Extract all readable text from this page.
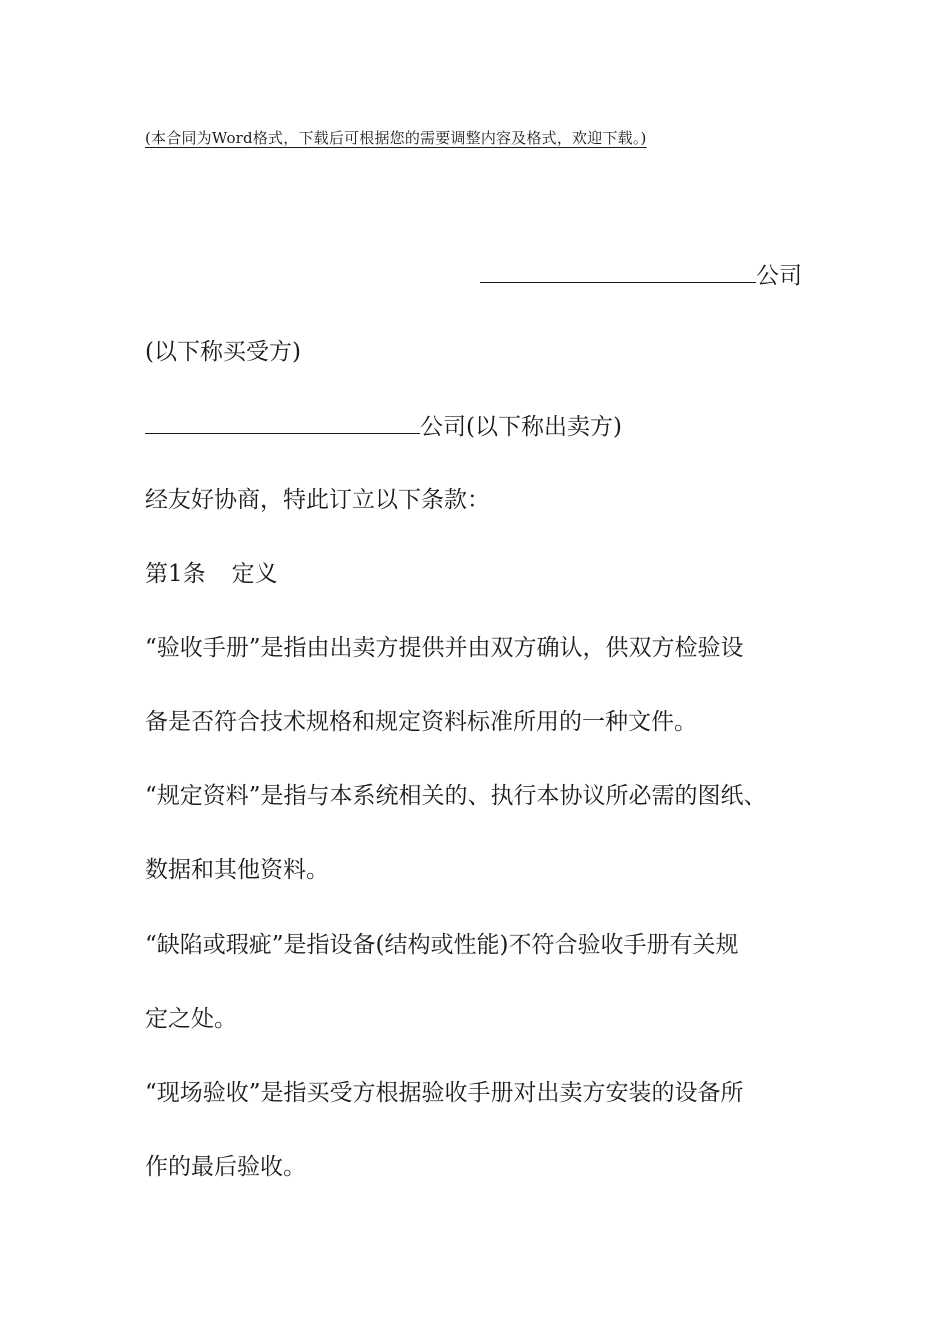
(本合同为Word格式，下载后可根据您的需要调整内容及格式，欢迎下载。)
公司
(以下称买受方)
公司(以下称出卖方)
经友好协商，特此订立以下条款：
第1条 定义
“验收手册”是指由出卖方提供并由双方确认，供双方检验设
备是否符合技术规格和规定资料标准所用的一种文件。
“规定资料”是指与本系统相关的、执行本协议所必需的图纸、
数据和其他资料。
“缺陷或瑕疵”是指设备(结构或性能)不符合验收手册有关规
定之处。
“现场验收”是指买受方根据验收手册对出卖方安装的设备所
作的最后验收。
